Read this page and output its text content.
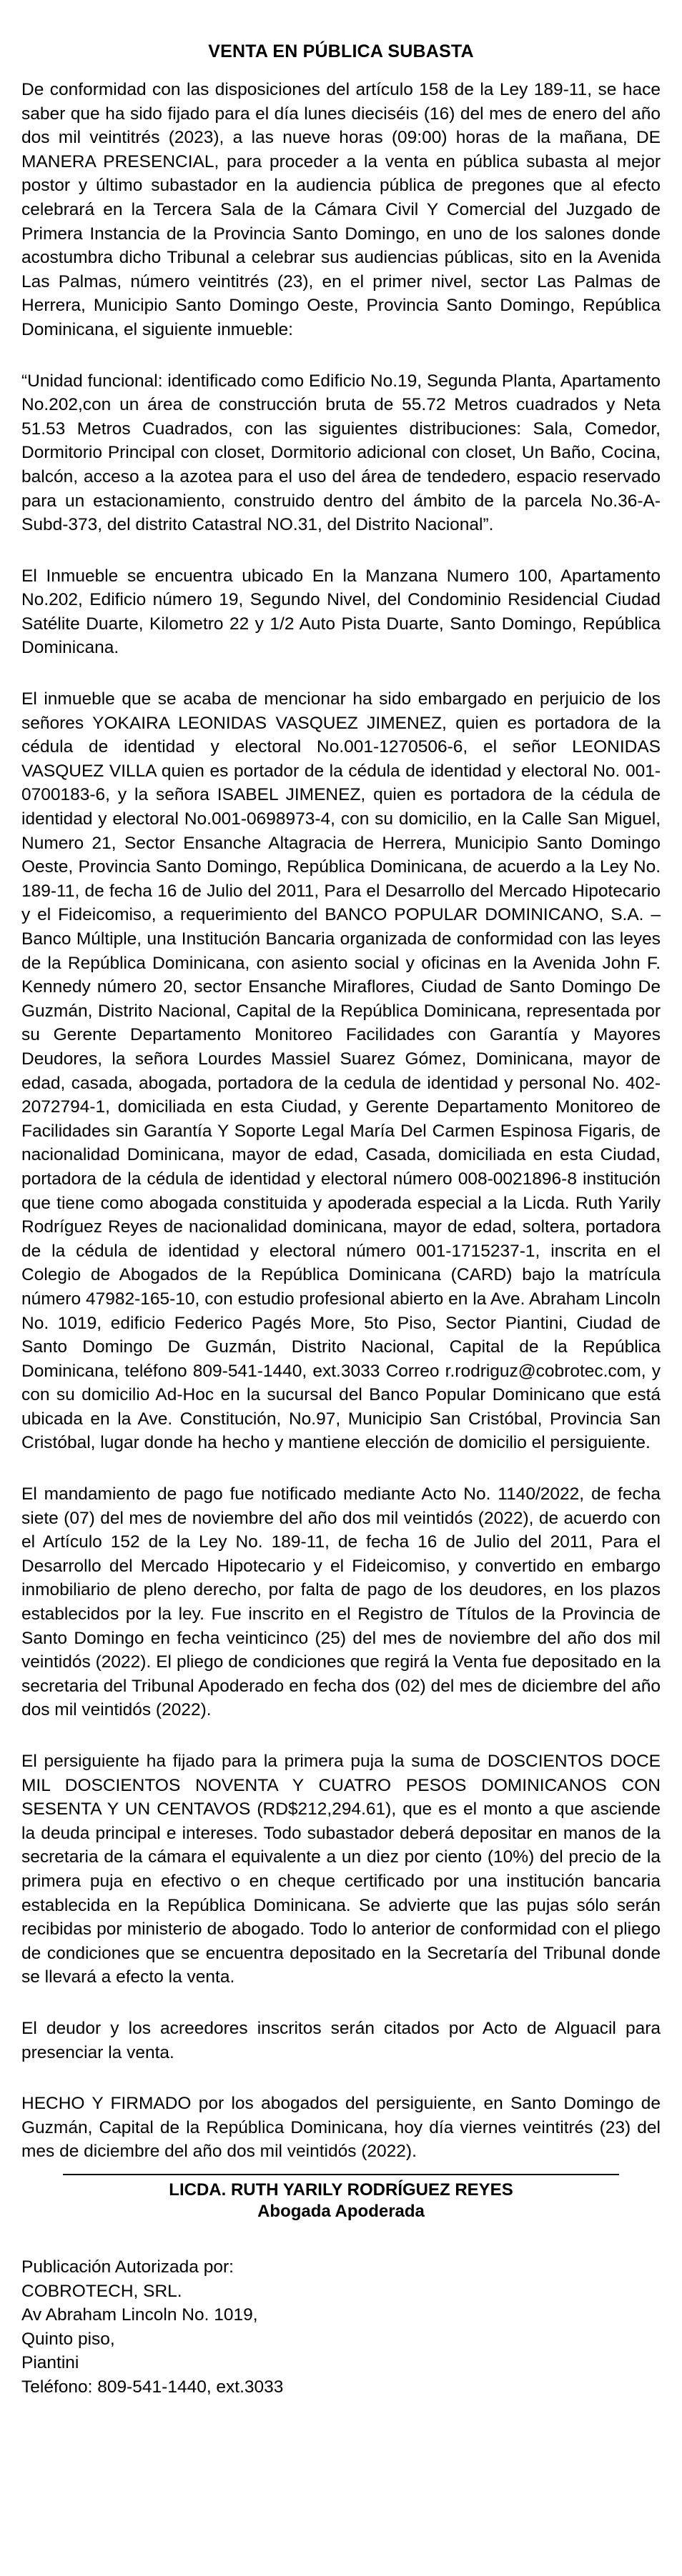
VENTA EN PÚBLICA SUBASTA

De conformidad con las disposiciones del artículo 158 de la Ley 189-11, se hace saber que ha sido fijado para el día lunes dieciséis (16) del mes de enero del año dos mil veintitrés (2023), a las nueve horas (09:00) horas de la mañana, DE MANERA PRESENCIAL, para proceder a la venta en pública subasta al mejor postor y último subastador en la audiencia pública de pregones que al efecto celebrará en la Tercera Sala de la Cámara Civil Y Comercial del Juzgado de Primera Instancia de la Provincia Santo Domingo, en uno de los salones donde acostumbra dicho Tribunal a celebrar sus audiencias públicas, sito en la Avenida Las Palmas, número veintitrés (23), en el primer nivel, sector Las Palmas de Herrera, Municipio Santo Domingo Oeste, Provincia Santo Domingo, República Dominicana, el siguiente inmueble:

“Unidad funcional: identificado como Edificio No.19, Segunda Planta, Apartamento No.202,con un área de construcción bruta de 55.72 Metros cuadrados y Neta 51.53 Metros Cuadrados, con las siguientes distribuciones: Sala, Comedor, Dormitorio Principal con closet, Dormitorio adicional con closet, Un Baño, Cocina, balcón, acceso a la azotea para el uso del área de tendedero, espacio reservado para un estacionamiento, construido dentro del ámbito de la parcela No.36-A-Subd-373, del distrito Catastral NO.31, del Distrito Nacional”.

El Inmueble se encuentra ubicado En la Manzana Numero 100, Apartamento No.202, Edificio número 19, Segundo Nivel, del Condominio Residencial Ciudad Satélite Duarte, Kilometro 22 y 1/2 Auto Pista Duarte, Santo Domingo, República Dominicana.

El inmueble que se acaba de mencionar ha sido embargado en perjuicio de los señores YOKAIRA LEONIDAS VASQUEZ JIMENEZ, quien es portadora de la cédula de identidad y electoral No.001-1270506-6, el señor LEONIDAS VASQUEZ VILLA quien es portador de la cédula de identidad y electoral No. 001-0700183-6, y la señora ISABEL JIMENEZ, quien es portadora de la cédula de identidad y electoral No.001-0698973-4, con su domicilio, en la Calle San Miguel, Numero 21, Sector Ensanche Altagracia de Herrera, Municipio Santo Domingo Oeste, Provincia Santo Domingo, República Dominicana, de acuerdo a la Ley No. 189-11, de fecha 16 de Julio del 2011, Para el Desarrollo del Mercado Hipotecario y el Fideicomiso, a requerimiento del BANCO POPULAR DOMINICANO, S.A. – Banco Múltiple, una Institución Bancaria organizada de conformidad con las leyes de la República Dominicana, con asiento social y oficinas en la Avenida John F. Kennedy número 20, sector Ensanche Miraflores, Ciudad de Santo Domingo De Guzmán, Distrito Nacional, Capital de la República Dominicana, representada por su Gerente Departamento Monitoreo Facilidades con Garantía y Mayores Deudores, la señora Lourdes Massiel Suarez Gómez, Dominicana, mayor de edad, casada, abogada, portadora de la cedula de identidad y personal No. 402-2072794-1, domiciliada en esta Ciudad, y Gerente Departamento Monitoreo de Facilidades sin Garantía Y Soporte Legal María Del Carmen Espinosa Figaris, de nacionalidad Dominicana, mayor de edad, Casada, domiciliada en esta Ciudad, portadora de la cédula de identidad y electoral número 008-0021896-8 institución que tiene como abogada constituida y apoderada especial a la Licda. Ruth Yarily Rodríguez Reyes de nacionalidad dominicana, mayor de edad, soltera, portadora de la cédula de identidad y electoral número 001-1715237-1, inscrita en el Colegio de Abogados de la República Dominicana (CARD) bajo la matrícula número 47982-165-10, con estudio profesional abierto en la Ave. Abraham Lincoln No. 1019, edificio Federico Pagés More, 5to Piso, Sector Piantini, Ciudad de Santo Domingo De Guzmán, Distrito Nacional, Capital de la República Dominicana, teléfono 809-541-1440, ext.3033 Correo r.rodriguz@cobrotec.com, y con su domicilio Ad-Hoc en la sucursal del Banco Popular Dominicano que está ubicada en la Ave. Constitución, No.97, Municipio San Cristóbal, Provincia San Cristóbal, lugar donde ha hecho y mantiene elección de domicilio el persiguiente.

El mandamiento de pago fue notificado mediante Acto No. 1140/2022, de fecha siete (07) del mes de noviembre del año dos mil veintidós (2022), de acuerdo con el Artículo 152 de la Ley No. 189-11, de fecha 16 de Julio del 2011, Para el Desarrollo del Mercado Hipotecario y el Fideicomiso, y convertido en embargo inmobiliario de pleno derecho, por falta de pago de los deudores, en los plazos establecidos por la ley. Fue inscrito en el Registro de Títulos de la Provincia de Santo Domingo en fecha veinticinco (25) del mes de noviembre del año dos mil veintidós (2022). El pliego de condiciones que regirá la Venta fue depositado en la secretaria del Tribunal Apoderado en fecha dos (02) del mes de diciembre del año dos mil veintidós (2022).

El persiguiente ha fijado para la primera puja la suma de DOSCIENTOS DOCE MIL DOSCIENTOS NOVENTA Y CUATRO PESOS DOMINICANOS CON SESENTA Y UN CENTAVOS (RD$212,294.61), que es el monto a que asciende la deuda principal e intereses. Todo subastador deberá depositar en manos de la secretaria de la cámara el equivalente a un diez por ciento (10%) del precio de la primera puja en efectivo o en cheque certificado por una institución bancaria establecida en la República Dominicana. Se advierte que las pujas sólo serán recibidas por ministerio de abogado. Todo lo anterior de conformidad con el pliego de condiciones que se encuentra depositado en la Secretaría del Tribunal donde se llevará a efecto la venta.

El deudor y los acreedores inscritos serán citados por Acto de Alguacil para presenciar la venta.

HECHO Y FIRMADO por los abogados del persiguiente, en Santo Domingo de Guzmán, Capital de la República Dominicana, hoy día viernes veintitrés (23) del mes de diciembre del año dos mil veintidós (2022).

LICDA. RUTH YARILY RODRÍGUEZ REYES
Abogada Apoderada
Publicación Autorizada por:
COBROTECH, SRL.
Av Abraham Lincoln No. 1019,
Quinto piso,
Piantini
Teléfono: 809-541-1440, ext.3033
